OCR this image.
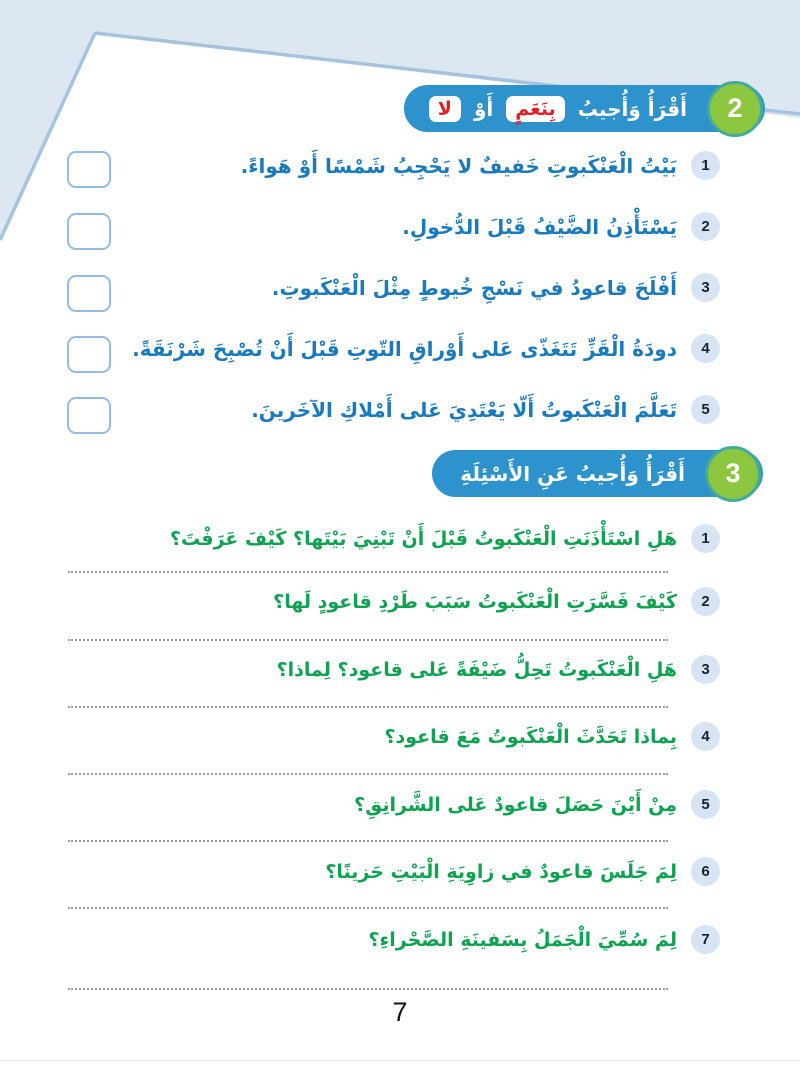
2
أَقْرَأُ وَأُجيبُ
بِنَعَمٍ
أَوْ
لا
1
بَيْتُ الْعَنْكَبوتِ خَفيفٌ لا يَحْجِبُ شَمْسًا أَوْ هَواءً.
2
يَسْتَأْذِنُ الضَّيْفُ قَبْلَ الدُّخولِ.
3
أَفْلَحَ قاعودُ في نَسْجِ خُيوطٍ مِثْلَ الْعَنْكَبوتِ.
4
دودَةُ الْقَزِّ تَتَغَذّى عَلى أَوْراقِ التّوتِ قَبْلَ أَنْ تُصْبِحَ شَرْنَقَةً.
5
تَعَلَّمَ الْعَنْكَبوتُ أَلّا يَعْتَدِيَ عَلى أَمْلاكِ الآخَرينَ.
3
أَقْرَأُ وَأُجيبُ عَنِ الأَسْئِلَةِ
1
هَلِ اسْتَأْذَنَتِ الْعَنْكَبوتُ قَبْلَ أَنْ تَبْنِيَ بَيْتَها؟ كَيْفَ عَرَفْتَ؟
2
كَيْفَ فَسَّرَتِ الْعَنْكَبوتُ سَبَبَ طَرْدِ قاعودٍ لَها؟
3
هَلِ الْعَنْكَبوتُ تَحِلُّ ضَيْفَةً عَلى قاعود؟ لِماذا؟
4
بِماذا تَحَدَّثَ الْعَنْكَبوتُ مَعَ قاعود؟
5
مِنْ أَيْنَ حَصَلَ قاعودٌ عَلى الشَّرانِقِ؟
6
لِمَ جَلَسَ قاعودٌ في زاوِيَةِ الْبَيْتِ حَزينًا؟
7
لِمَ سُمِّيَ الْجَمَلُ بِسَفينَةِ الصَّحْراءِ؟
7
